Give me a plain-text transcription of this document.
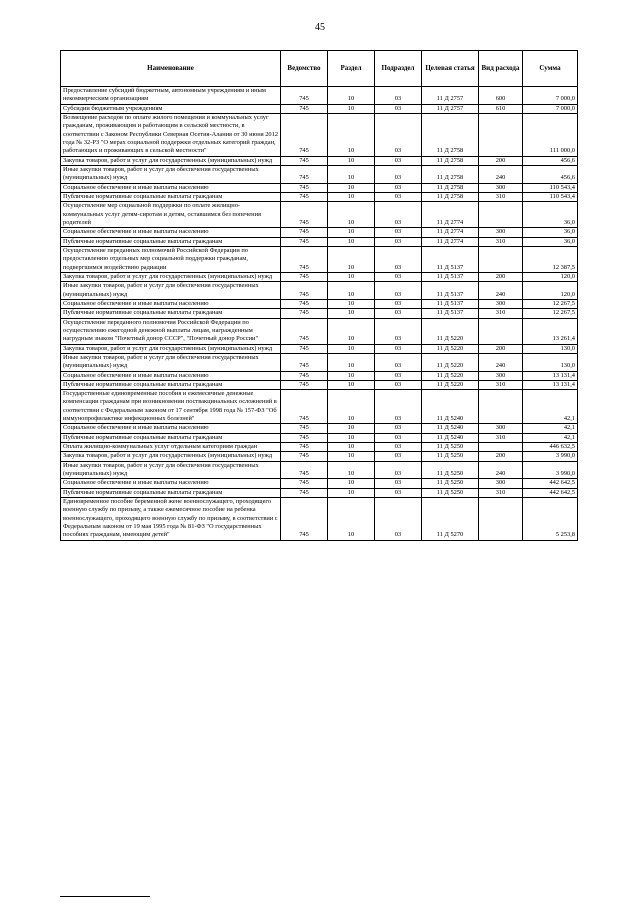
45
Наименование	Ведомство	Раздел	Подраздел	Целевая статья	Вид расхода	Сумма
Предоставление субсидий бюджетным, автономным учреждениям и иным некоммерческим организациям	745	10	03	11 Д 2757	600	7 000,0
Субсидии бюджетным учреждениям	745	10	03	11 Д 2757	610	7 000,0
Возмещение расходов по оплате жилого помещения и коммунальных услуг гражданам, проживающим и работающим в сельской местности, в соответствии с Законом Республики Северная Осетия-Алания от 30 июня 2012 года № 32-РЗ "О мерах социальной поддержки отдельных категорий граждан, работающих и проживающих в сельской местности"	745	10	03	11 Д 2758		111 000,0
Закупка товаров, работ и услуг для государственных (муниципальных) нужд	745	10	03	11 Д 2758	200	456,6
Иные закупки товаров, работ и услуг для обеспечения государственных (муниципальных) нужд	745	10	03	11 Д 2758	240	456,6
Социальное обеспечение и иные выплаты населению	745	10	03	11 Д 2758	300	110 543,4
Публичные нормативные социальные выплаты гражданам	745	10	03	11 Д 2758	310	110 543,4
Осуществление мер социальной поддержки по оплате жилищно-коммунальных услуг детям-сиротам и детям, оставшимся без попечения родителей	745	10	03	11 Д 2774		36,0
Социальное обеспечение и иные выплаты населению	745	10	03	11 Д 2774	300	36,0
Публичные нормативные социальные выплаты гражданам	745	10	03	11 Д 2774	310	36,0
Осуществление переданных полномочий Российской Федерации по предоставлению отдельных мер социальной поддержки гражданам, подвергшимся воздействию радиации	745	10	03	11 Д 5137		12 387,5
Закупка товаров, работ и услуг для государственных (муниципальных) нужд	745	10	03	11 Д 5137	200	120,0
Иные закупки товаров, работ и услуг для обеспечения государственных (муниципальных) нужд	745	10	03	11 Д 5137	240	120,0
Социальное обеспечение и иные выплаты населению	745	10	03	11 Д 5137	300	12 267,5
Публичные нормативные социальные выплаты гражданам	745	10	03	11 Д 5137	310	12 267,5
Осуществление переданного полномочия Российской Федерации по осуществлению ежегодной денежной выплаты лицам, награжденным нагрудным знаком "Почетный донор СССР", "Почетный донор России"	745	10	03	11 Д 5220		13 261,4
Закупка товаров, работ и услуг для государственных (муниципальных) нужд	745	10	03	11 Д 5220	200	130,0
Иные закупки товаров, работ и услуг для обеспечения государственных (муниципальных) нужд	745	10	03	11 Д 5220	240	130,0
Социальное обеспечение и иные выплаты населению	745	10	03	11 Д 5220	300	13 131,4
Публичные нормативные социальные выплаты гражданам	745	10	03	11 Д 5220	310	13 131,4
Государственные единовременные пособия и ежемесячные денежные компенсации гражданам при возникновении поствакцинальных осложнений в соответствии с Федеральным законом от 17 сентября 1998 года № 157-ФЗ "Об иммунопрофилактике инфекционных болезней"	745	10	03	11 Д 5240		42,1
Социальное обеспечение и иные выплаты населению	745	10	03	11 Д 5240	300	42,1
Публичные нормативные социальные выплаты гражданам	745	10	03	11 Д 5240	310	42,1
Оплата жилищно-коммунальных услуг отдельным категориям граждан	745	10	03	11 Д 5250		446 632,5
Закупка товаров, работ и услуг для государственных (муниципальных) нужд	745	10	03	11 Д 5250	200	3 990,0
Иные закупки товаров, работ и услуг для обеспечения государственных (муниципальных) нужд	745	10	03	11 Д 5250	240	3 990,0
Социальное обеспечение и иные выплаты населению	745	10	03	11 Д 5250	300	442 642,5
Публичные нормативные социальные выплаты гражданам	745	10	03	11 Д 5250	310	442 642,5
Единовременное пособие беременной жене военнослужащего, проходящего военную службу по призыву, а также ежемесячное пособие на ребенка военнослужащего, проходящего военную службу по призыву, в соответствии с Федеральным законом от 19 мая 1995 года № 81-ФЗ "О государственных пособиях гражданам, имеющим детей"	745	10	03	11 Д 5270		5 253,8
